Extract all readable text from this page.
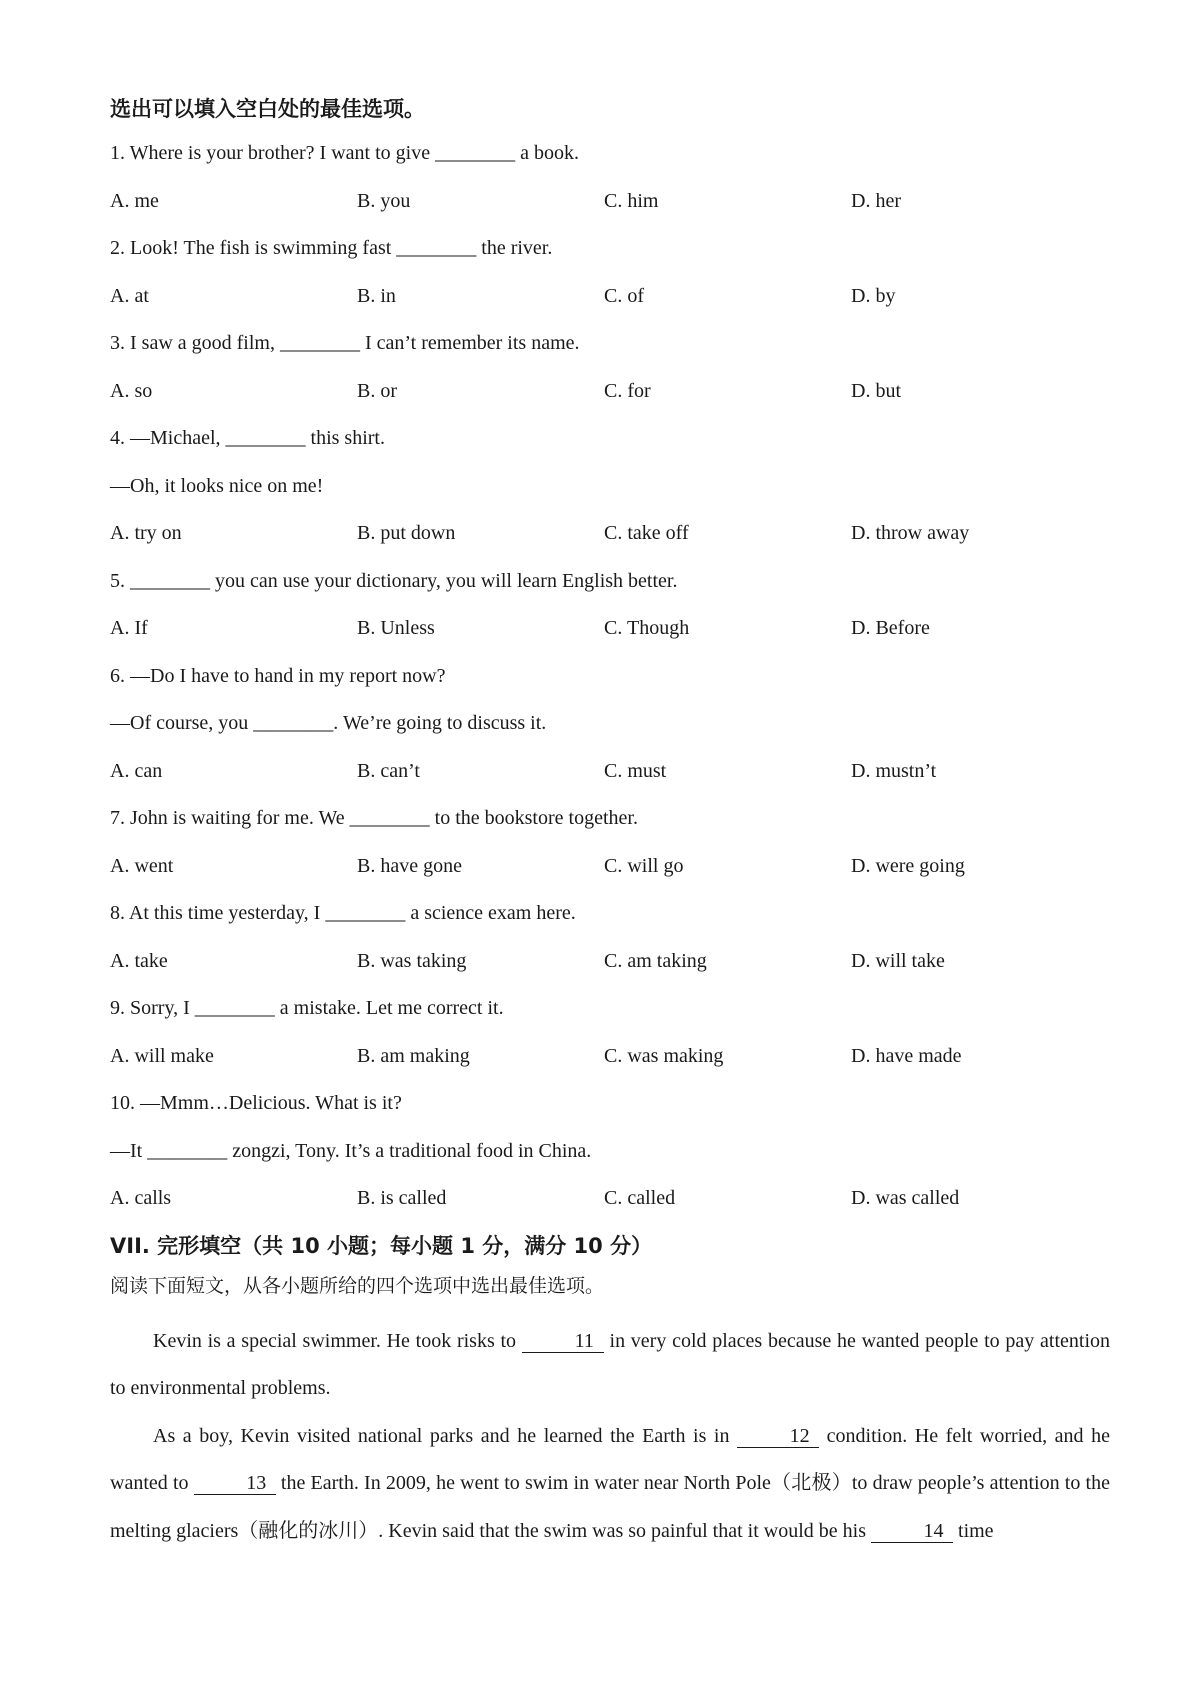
选出可以填入空白处的最佳选项。
1. Where is your brother? I want to give ________ a book.
A. me	B. you	C. him	D. her
2. Look! The fish is swimming fast ________ the river.
A. at	B. in	C. of	D. by
3. I saw a good film, ________ I can’t remember its name.
A. so	B. or	C. for	D. but
4. —Michael, ________ this shirt.
—Oh, it looks nice on me!
A. try on	B. put down	C. take off	D. throw away
5. ________ you can use your dictionary, you will learn English better.
A. If	B. Unless	C. Though	D. Before
6. —Do I have to hand in my report now?
—Of course, you ________. We’re going to discuss it.
A. can	B. can’t	C. must	D. mustn’t
7. John is waiting for me. We ________ to the bookstore together.
A. went	B. have gone	C. will go	D. were going
8. At this time yesterday, I ________ a science exam here.
A. take	B. was taking	C. am taking	D. will take
9. Sorry, I ________ a mistake. Let me correct it.
A. will make	B. am making	C. was making	D. have made
10. —Mmm…Delicious. What is it?
—It ________ zongzi, Tony. It’s a traditional food in China.
A. calls	B. is called	C. called	D. was called
VII. 完形填空（共 10 小题；每小题 1 分，满分 10 分）
阅读下面短文，从各小题所给的四个选项中选出最佳选项。

Kevin is a special swimmer. He took risks to	11 in very cold places because he wanted people to pay attention to environmental problems.

As a boy, Kevin visited national parks and he learned the Earth is in	12 condition. He felt worried, and he wanted to	13 the Earth. In 2009, he went to swim in water near North Pole（北极）to draw people’s attention to the melting glaciers（融化的冰川）. Kevin said that the swim was so painful that it would be his	14 time
